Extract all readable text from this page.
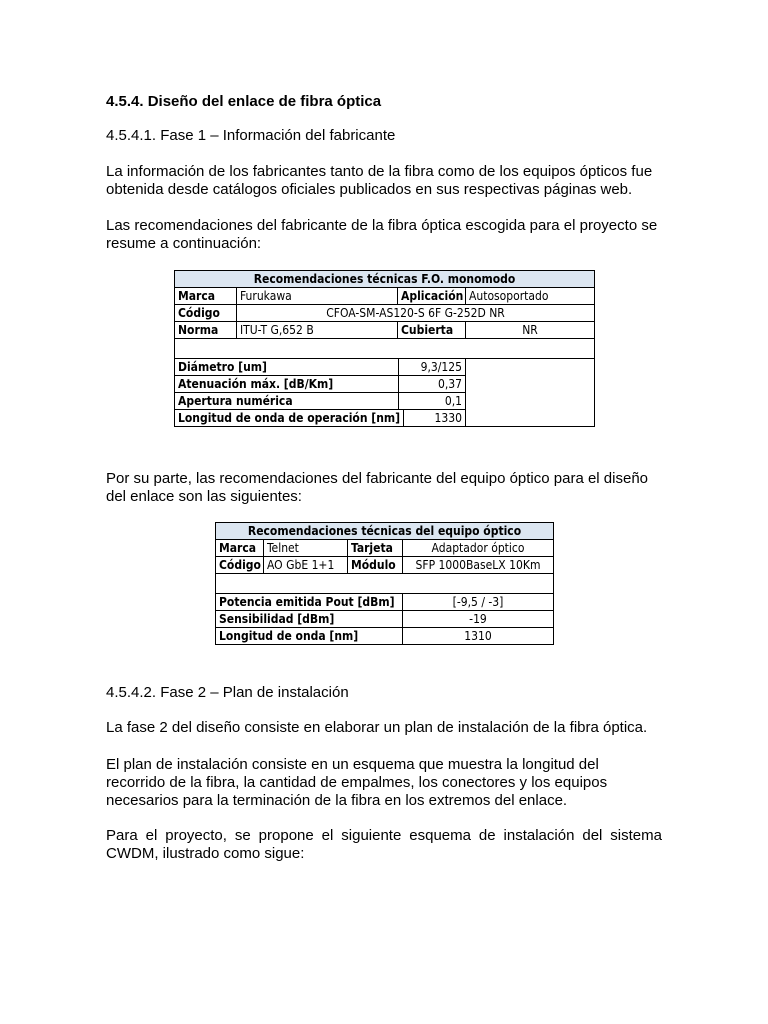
4.5.4. Diseño del enlace de fibra óptica

4.5.4.1. Fase 1 – Información del fabricante

La información de los fabricantes tanto de la fibra como de los equipos ópticos fue obtenida desde catálogos oficiales publicados en sus respectivas páginas web.

Las recomendaciones del fabricante de la fibra óptica escogida para el proyecto se resume a continuación:

Por su parte, las recomendaciones del fabricante del equipo óptico para el diseño del enlace son las siguientes:

4.5.4.2. Fase 2 – Plan de instalación

La fase 2 del diseño consiste en elaborar un plan de instalación de la fibra óptica.

El plan de instalación consiste en un esquema que muestra la longitud del recorrido de la fibra, la cantidad de empalmes, los conectores y los equipos necesarios para la terminación de la fibra en los extremos del enlace.

Para el proyecto, se propone el siguiente esquema de instalación del sistema CWDM, ilustrado como sigue:

Recomendaciones técnicas F.O. monomodo			
Marca	Furukawa	Aplicación	Autosoportado
Código	CFOA-SM-AS120-S 6F G-252D NR		
Norma	ITU-T G,652 B	Cubierta	NR

Diámetro [um] 9,3/125			

Atenuación máx. [dB/Km] 0,37			

Apertura numérica 0,1			

Longitud de onda de operación [nm] 1330			
Recomendaciones técnicas del equipo óptico			
Marca	Telnet	Tarjeta	Adaptador óptico
Código	AO GbE 1+1	Módulo	SFP 1000BaseLX 10Km

Potencia emitida Pout [dBm]			[-9,5 / -3]
Sensibilidad [dBm]			-19
Longitud de onda [nm]			1310
